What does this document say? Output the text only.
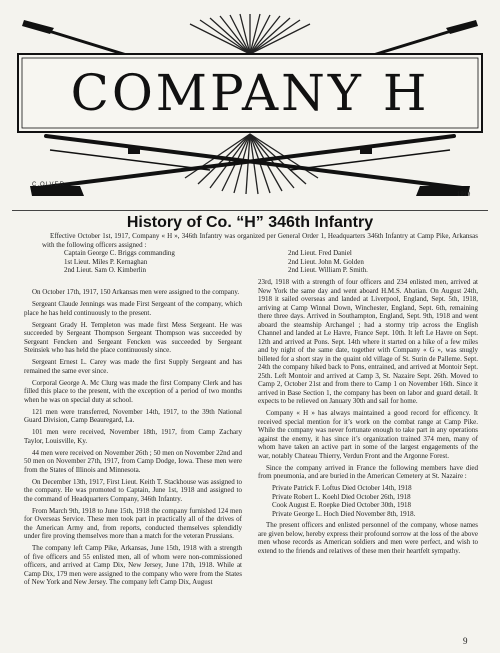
COMPANY H
C.OLVER
1919
History of Co. “H” 346th Infantry
Effective October 1st, 1917, Company « H », 346th Infantry was organized per General Order 1, Headquarters 346th Infantry at Camp Pike, Arkansas with the following officers assigned :
Captain George C. Briggs commanding
1st Lieut. Miles P. Kernaghan
2nd Lieut. Sam O. Kimberlin
2nd Lieut. Fred Daniel
2nd Lieut. John M. Golden
2nd Lieut. William P. Smith.

On October 17th, 1917, 150 Arkansas men were assigned to the company.

Sergeant Claude Jennings was made First Sergeant of the company, which place he has held continuously to the present.

Sergeant Grady H. Templeton was made first Mess Sergeant. He was succeeded by Sergeant Thompson Sergeant Thompson was succeeded by Sergeant Fencken and Sergeant Fencken was succeeded by Sergeant Steinsiek who has held the place continuously since.

Sergeant Ernest L. Carey was made the first Supply Sergeant and has remained the same ever since.

Corporal George A. Mc Clurg was made the first Company Clerk and has filled this place to the present, with the exception of a period of two months when he was on special duty at school.

121 men were transferred, November 14th, 1917, to the 39th National Guard Division, Camp Beauregard, La.

101 men were received, November 18th, 1917, from Camp Zachary Taylor, Louisville, Ky.

44 men were received on November 26th ; 50 men on November 22nd and 50 men on November 27th, 1917, from Camp Dodge, Iowa. These men were from the States of Illinois and Minnesota.

On December 13th, 1917, First Lieut. Keith T. Stackhouse was assigned to the company. He was promoted to Captain, June 1st, 1918 and assigned to the command of Headquarters Company, 346th Infantry.

From March 9th, 1918 to June 15th, 1918 the company furnished 124 men for Overseas Service. These men took part in practically all of the drives of the American Army and, from reports, conducted themselves splendidly under fire proving themselves more than a match for the veteran Prussians.

The company left Camp Pike, Arkansas, June 15th, 1918 with a strength of five officers and 55 enlisted men, all of whom were non-commissioned officers, and arrived at Camp Dix, New Jersey, June 17th, 1918. While at Camp Dix, 179 men were assigned to the company who were from the States of New York and New Jersey. The company left Camp Dix, August

23rd, 1918 with a strength of four officers and 234 enlisted men, arrived at New York the same day and went aboard H.M.S. Abatian. On August 24th, 1918 it sailed overseas and landed at Liverpool, England, Sept. 5th, 1918, arriving at Camp Winnal Down, Winchester, England, Sept. 6th, remaining there three days. Arrived in Southampton, England, Sept. 9th, 1918 and went aboard the steamship Archangel ; had a stormy trip across the English Channel and landed at Le Havre, France Sept. 10th. It left Le Havre on Sept. 12th and arrived at Pons. Sept. 14th where it started on a hike of a few miles and by night of the same date, together with Company « G », was snugly billeted for a short stay in the quaint old village of St. Surin de Palleme. Sept. 24th the company hiked back to Pons, entrained, and arrived at Montoir Sept. 25th. Left Montoir and arrived at Camp 3, St. Nazaire Sept. 26th. Moved to Camp 2, October 21st and from there to Camp 1 on November 16th. Since it arrived in Base Section 1, the company has been on labor and guard detail. It expects to be relieved on January 30th and sail for home.

Company « H » has always maintained a good record for efficency. It received special mention for it’s work on the combat range at Camp Pike. While the company was never fortunate enough to take part in any operations against the enemy, it has since it’s organization trained 374 men, many of whom have taken an active part in some of the largest engagements of the war, notably Chateau Thierry, Verdun Front and the Argonne Forest.

Since the company arrived in France the following members have died from pneumonia, and are buried in the American Cemetery at St. Nazaire :

Private Patrick F. Loftus Died October 14th, 1918
Private Robert L. Koehl Died October 26th, 1918
Cook August E. Roepke Died October 30th, 1918
Private George L. Hoch Died November 8th, 1918.

The present officers and enlisted personnel of the company, whose names are given below, hereby express their profound sorrow at the loss of the above men whose records as American soldiers and men were perfect, and wish to extend to the friends and relatives of these men their heartfelt sympathy.

9
